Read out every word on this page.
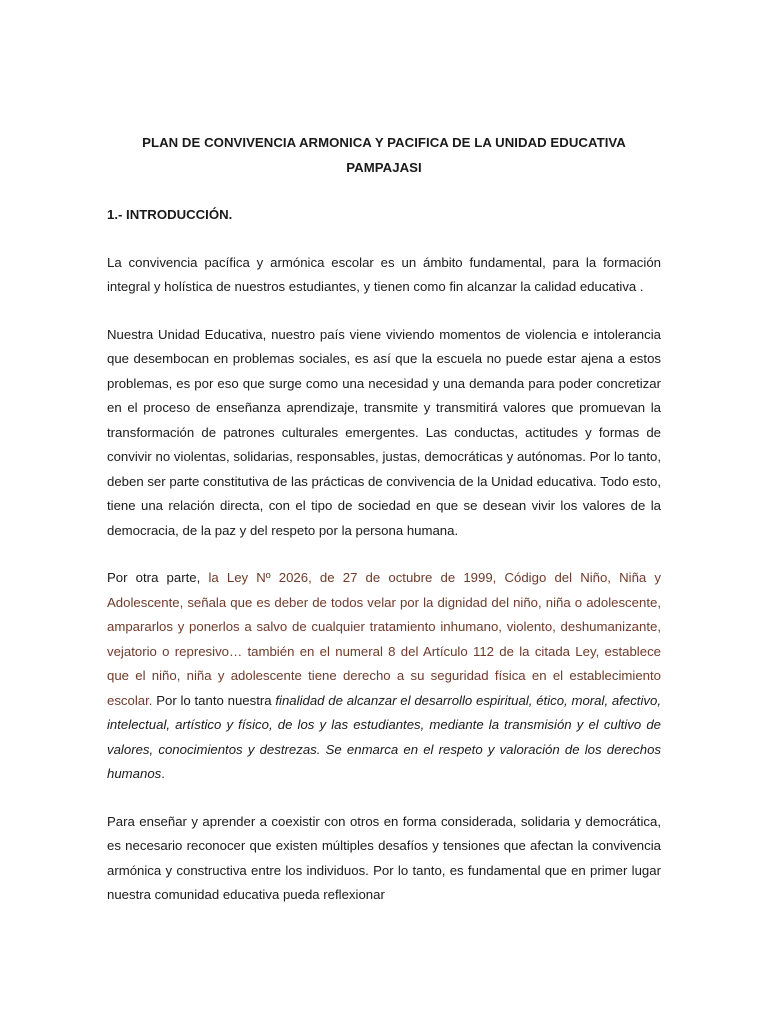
PLAN DE CONVIVENCIA ARMONICA Y PACIFICA DE LA UNIDAD EDUCATIVA PAMPAJASI
1.- INTRODUCCIÓN.

La convivencia pacífica y armónica escolar es un ámbito fundamental, para la formación integral y holística de nuestros estudiantes, y tienen como fin alcanzar la calidad educativa .

Nuestra Unidad Educativa, nuestro país viene viviendo momentos de violencia e intolerancia que desembocan en problemas sociales, es así que la escuela no puede estar ajena a estos problemas, es por eso que surge como una necesidad y una demanda para poder concretizar en el proceso de enseñanza aprendizaje, transmite y transmitirá valores que promuevan la transformación de patrones culturales emergentes. Las conductas, actitudes y formas de convivir no violentas, solidarias, responsables, justas, democráticas y autónomas. Por lo tanto, deben ser parte constitutiva de las prácticas de convivencia de la Unidad educativa. Todo esto, tiene una relación directa, con el tipo de sociedad en que se desean vivir los valores de la democracia, de la paz y del respeto por la persona humana.

Por otra parte, la Ley Nº 2026, de 27 de octubre de 1999, Código del Niño, Niña y Adolescente, señala que es deber de todos velar por la dignidad del niño, niña o adolescente, ampararlos y ponerlos a salvo de cualquier tratamiento inhumano, violento, deshumanizante, vejatorio o represivo… también en el numeral 8 del Artículo 112 de la citada Ley, establece que el niño, niña y adolescente tiene derecho a su seguridad física en el establecimiento escolar. Por lo tanto nuestra finalidad de alcanzar el desarrollo espiritual, ético, moral, afectivo, intelectual, artístico y físico, de los y las estudiantes, mediante la transmisión y el cultivo de valores, conocimientos y destrezas. Se enmarca en el respeto y valoración de los derechos humanos.

Para enseñar y aprender a coexistir con otros en forma considerada, solidaria y democrática, es necesario reconocer que existen múltiples desafíos y tensiones que afectan la convivencia armónica y constructiva entre los individuos. Por lo tanto, es fundamental que en primer lugar nuestra comunidad educativa pueda reflexionar
